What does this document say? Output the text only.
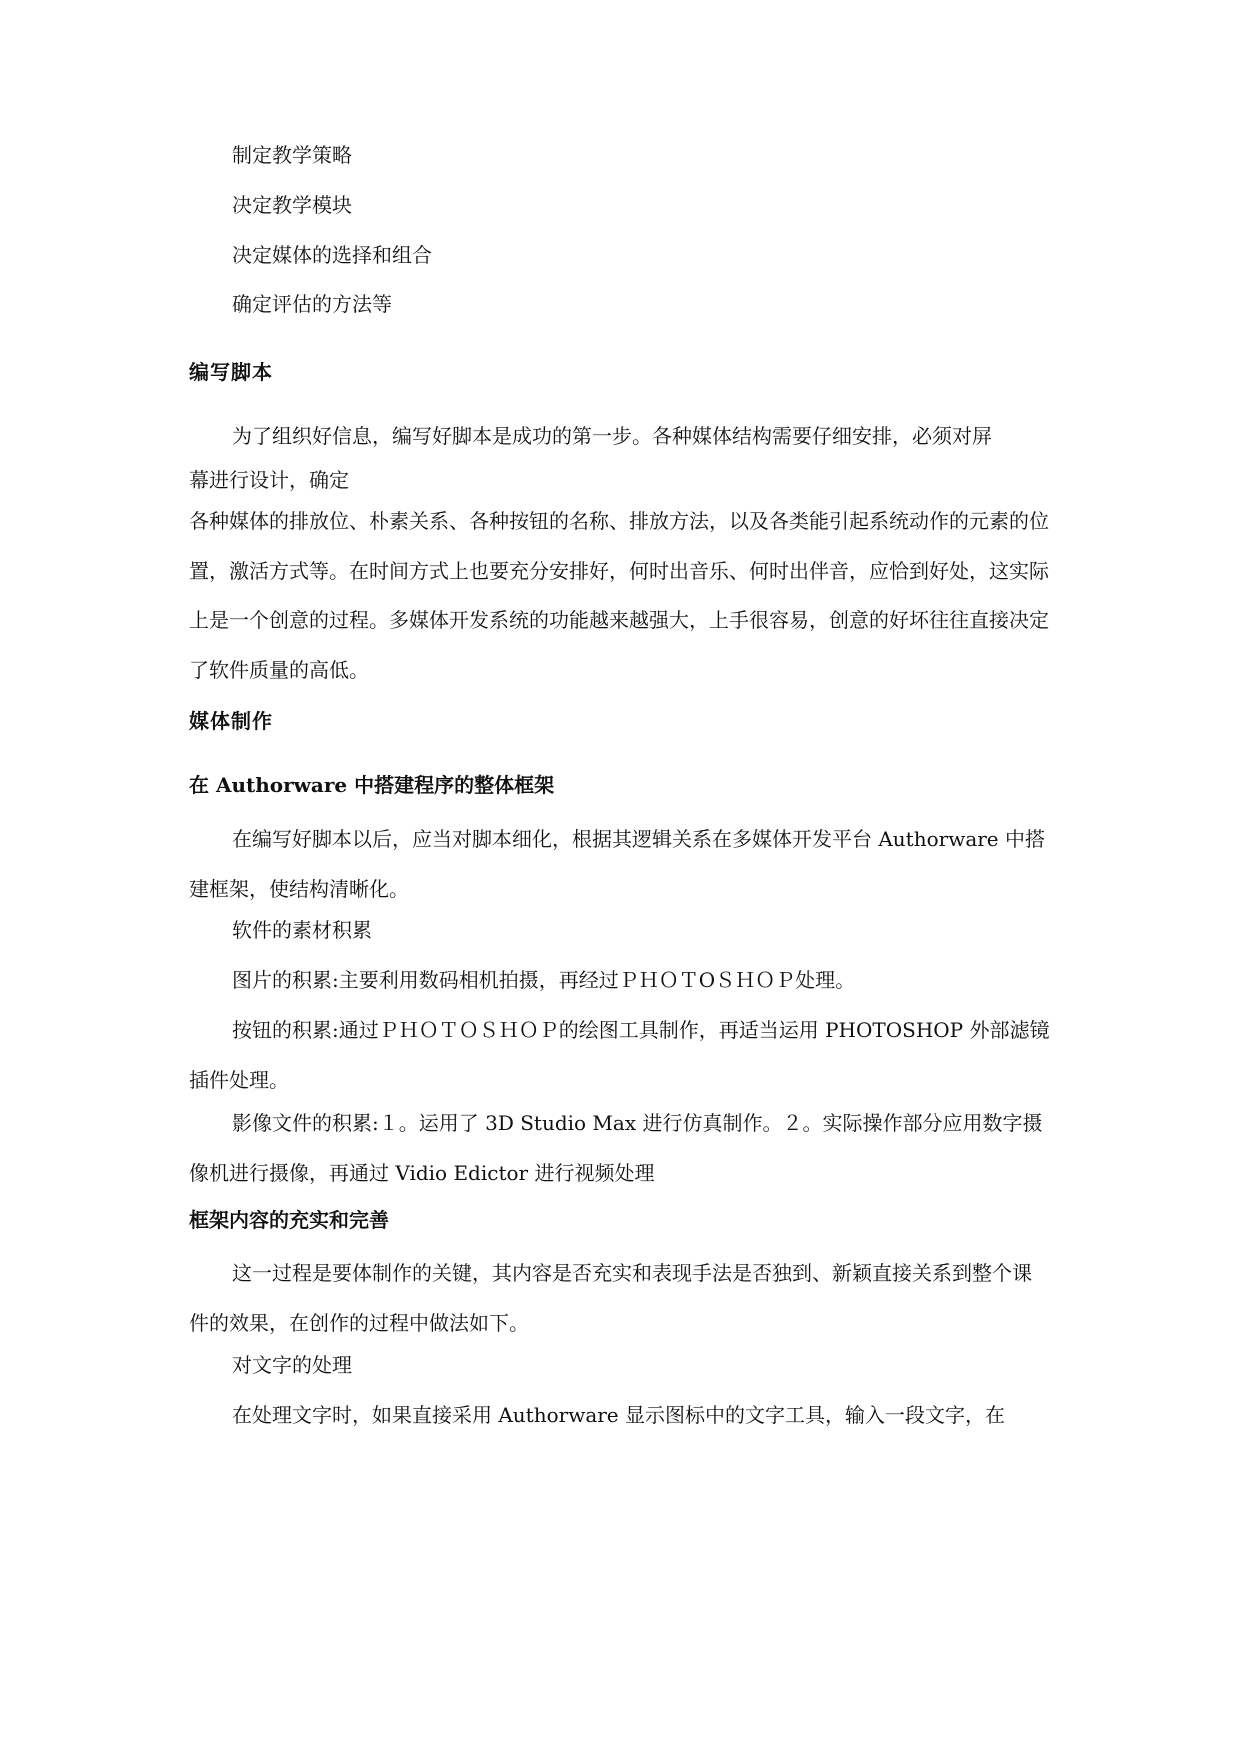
制定教学策略

决定教学模块

决定媒体的选择和组合

确定评估的方法等

编写脚本

为了组织好信息，编写好脚本是成功的第一步。各种媒体结构需要仔细安排，必须对屏

幕进行设计，确定

各种媒体的排放位、朴素关系、各种按钮的名称、排放方法，以及各类能引起系统动作的元素的位置，激活方式等。在时间方式上也要充分安排好，何时出音乐、何时出伴音，应恰到好处，这实际上是一个创意的过程。多媒体开发系统的功能越来越强大，上手很容易，创意的好坏往往直接决定了软件质量的高低。

媒体制作
在 Authorware 中搭建程序的整体框架

在编写好脚本以后，应当对脚本细化，根据其逻辑关系在多媒体开发平台 Authorware 中搭建框架，使结构清晰化。

软件的素材积累

图片的积累:主要利用数码相机拍摄，再经过ＰＨＯＴOＳＨＯＰ处理。

按钮的积累:通过ＰＨＯＴＯＳＨＯＰ的绘图工具制作，再适当运用 PHOTOSHOP 外部滤镜插件处理。

影像文件的积累:１。运用了 3D Studio Max 进行仿真制作。２。实际操作部分应用数字摄像机进行摄像，再通过 Vidio Edictor 进行视频处理

框架内容的充实和完善

这一过程是要体制作的关键，其内容是否充实和表现手法是否独到、新颖直接关系到整个课件的效果，在创作的过程中做法如下。

对文字的处理

在处理文字时，如果直接采用 Authorware 显示图标中的文字工具，输入一段文字，在
